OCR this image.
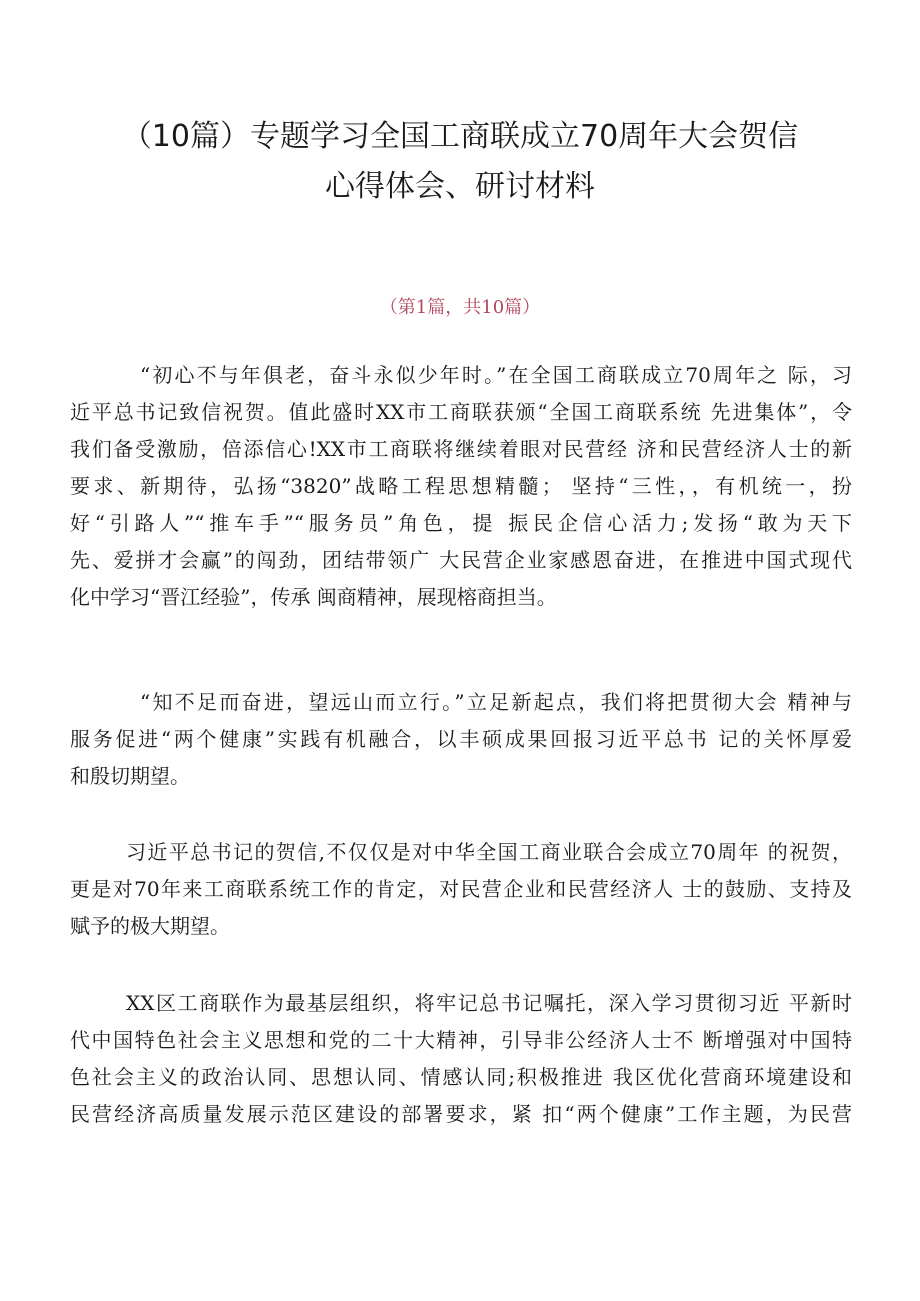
（10篇）专题学习全国工商联成立70周年大会贺信
心得体会、研讨材料
（第1篇，共10篇）
“初心不与年俱老，奋斗永似少年时。”在全国工商联成立70周年之 际，习
近平总书记致信祝贺。值此盛时XX市工商联获颁“全国工商联系统 先进集体”，令
我们备受激励，倍添信心!XX市工商联将继续着眼对民营经 济和民营经济人士的新
要求、新期待，弘扬“3820”战略工程思想精髓； 坚持“三性，，有机统一，扮
好“引路人”“推车手”“服务员”角色，提 振民企信心活力;发扬“敢为天下
先、爱拼才会赢”的闯劲，团结带领广 大民营企业家感恩奋进，在推进中国式现代
化中学习“晋江经验”，传承 闽商精神，展现榕商担当。
“知不足而奋进，望远山而立行。”立足新起点，我们将把贯彻大会 精神与
服务促进“两个健康”实践有机融合，以丰硕成果回报习近平总书 记的关怀厚爱
和殷切期望。
习近平总书记的贺信,不仅仅是对中华全国工商业联合会成立70周年 的祝贺，
更是对70年来工商联系统工作的肯定，对民营企业和民营经济人 士的鼓励、支持及
赋予的极大期望。
XX区工商联作为最基层组织，将牢记总书记嘱托，深入学习贯彻习近 平新时
代中国特色社会主义思想和党的二十大精神，引导非公经济人士不 断增强对中国特
色社会主义的政治认同、思想认同、情感认同;积极推进 我区优化营商环境建设和
民营经济高质量发展示范区建设的部署要求，紧 扣“两个健康”工作主题，为民营
